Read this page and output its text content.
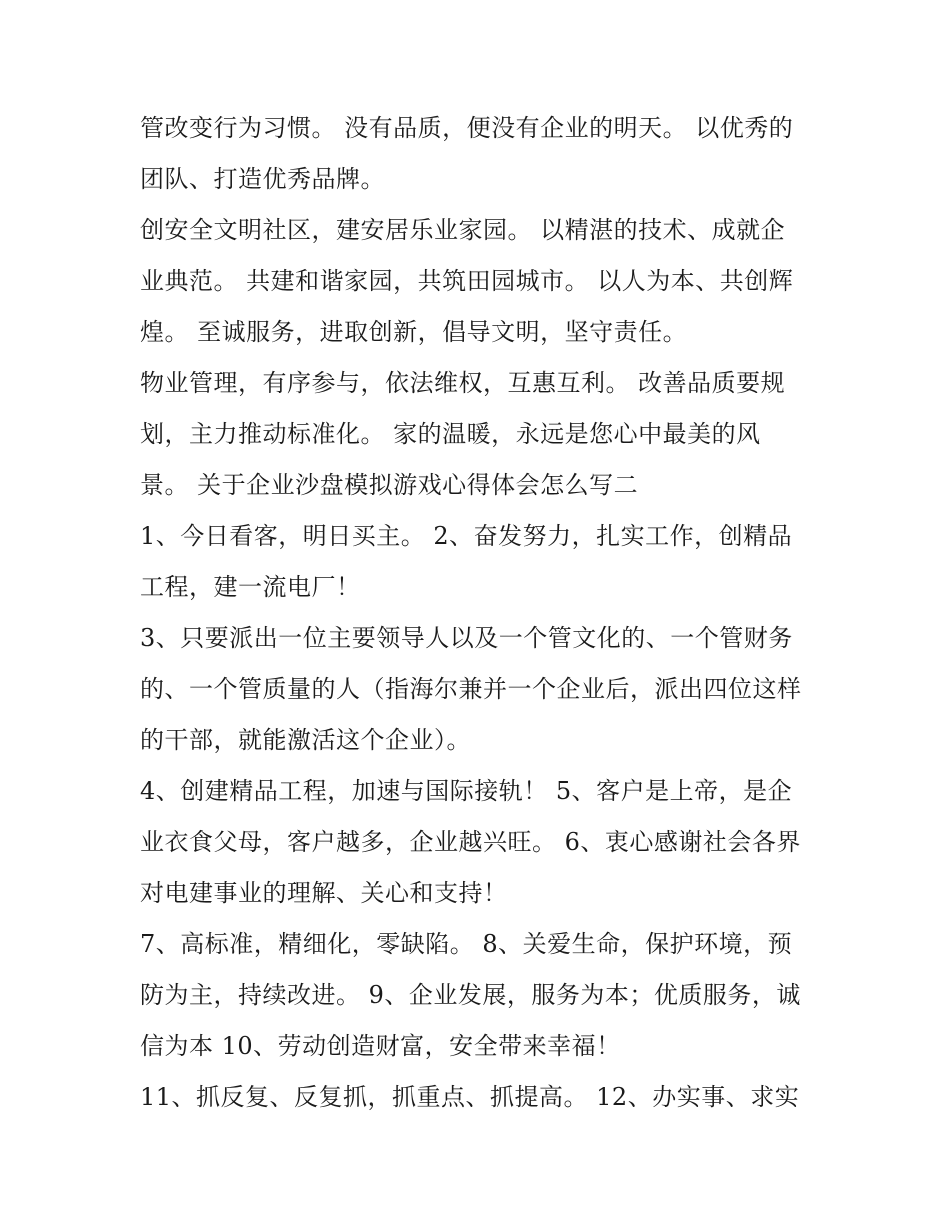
管改变行为习惯。 没有品质，便没有企业的明天。 以优秀的
团队、打造优秀品牌。

创安全文明社区，建安居乐业家园。 以精湛的技术、成就企
业典范。 共建和谐家园，共筑田园城市。 以人为本、共创辉
煌。 至诚服务，进取创新，倡导文明，坚守责任。

物业管理，有序参与，依法维权，互惠互利。 改善品质要规
划，主力推动标准化。 家的温暖，永远是您心中最美的风
景。 关于企业沙盘模拟游戏心得体会怎么写二

1、今日看客，明日买主。 2、奋发努力，扎实工作，创精品
工程，建一流电厂！

3、只要派出一位主要领导人以及一个管文化的、一个管财务
的、一个管质量的人（指海尔兼并一个企业后，派出四位这样
的干部，就能激活这个企业）。

4、创建精品工程，加速与国际接轨！ 5、客户是上帝，是企
业衣食父母，客户越多，企业越兴旺。 6、衷心感谢社会各界
对电建事业的理解、关心和支持！

7、高标准，精细化，零缺陷。 8、关爱生命，保护环境，预
防为主，持续改进。 9、企业发展，服务为本；优质服务，诚
信为本 10、劳动创造财富，安全带来幸福！

11、抓反复、反复抓，抓重点、抓提高。 12、办实事、求实
